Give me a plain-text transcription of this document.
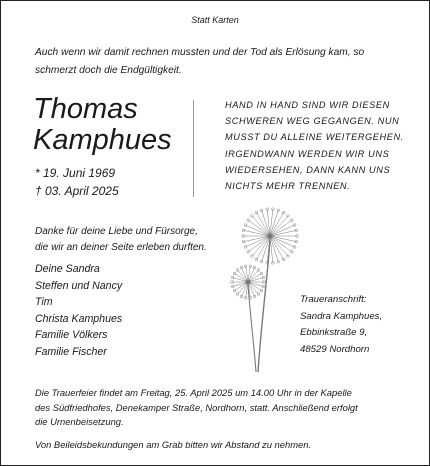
Statt Karten
Auch wenn wir damit rechnen mussten und der Tod als Erlösung kam, so
schmerzt doch die Endgültigkeit.
Thomas
Kamphues
* 19. Juni 1969
† 03. April 2025
HAND IN HAND SIND WIR DIESEN
SCHWEREN WEG GEGANGEN. NUN
MUSST DU ALLEINE WEITERGEHEN.
IRGENDWANN WERDEN WIR UNS
WIEDERSEHEN, DANN KANN UNS
NICHTS MEHR TRENNEN.
Danke für deine Liebe und Fürsorge,
die wir an deiner Seite erleben durften.
Deine Sandra
Steffen und Nancy
Tim
Christa Kamphues
Familie Völkers
Familie Fischer
Traueranschrift:
Sandra Kamphues,
Ebbinkstraße 9,
48529 Nordhorn
Die Trauerfeier findet am Freitag, 25. April 2025 um 14.00 Uhr in der Kapelle
des Südfriedhofes, Denekamper Straße, Nordhorn, statt. Anschließend erfolgt
die Urnenbeisetzung.
Von Beileidsbekundungen am Grab bitten wir Abstand zu nehmen.
